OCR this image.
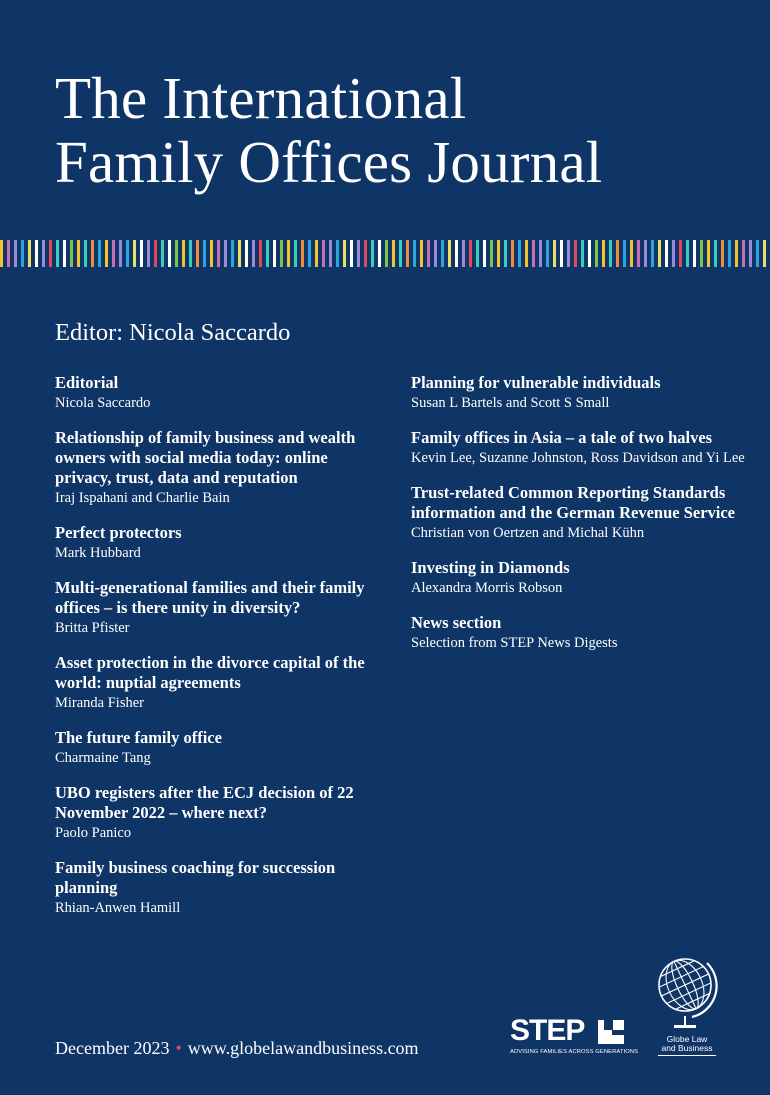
The International
Family Offices Journal
Editor: Nicola Saccardo
Editorial

Nicola Saccardo

Relationship of family business and wealth owners with social media today: online privacy, trust, data and reputation

Iraj Ispahani and Charlie Bain

Perfect protectors

Mark Hubbard

Multi-generational families and their family offices – is there unity in diversity?

Britta Pfister

Asset protection in the divorce capital of the world: nuptial agreements

Miranda Fisher

The future family office

Charmaine Tang

UBO registers after the ECJ decision of 22 November 2022 – where next?

Paolo Panico

Family business coaching for succession planning

Rhian-Anwen Hamill

Planning for vulnerable individuals

Susan L Bartels and Scott S Small

Family offices in Asia – a tale of two halves

Kevin Lee, Suzanne Johnston, Ross Davidson and Yi Lee

Trust-related Common Reporting Standards information and the German Revenue Service

Christian von Oertzen and Michal Kühn

Investing in Diamonds

Alexandra Morris Robson

News section

Selection from STEP News Digests

December 2023 • www.globelawandbusiness.com
STEP
ADVISING FAMILIES ACROSS GENERATIONS
Globe Law
and Business
